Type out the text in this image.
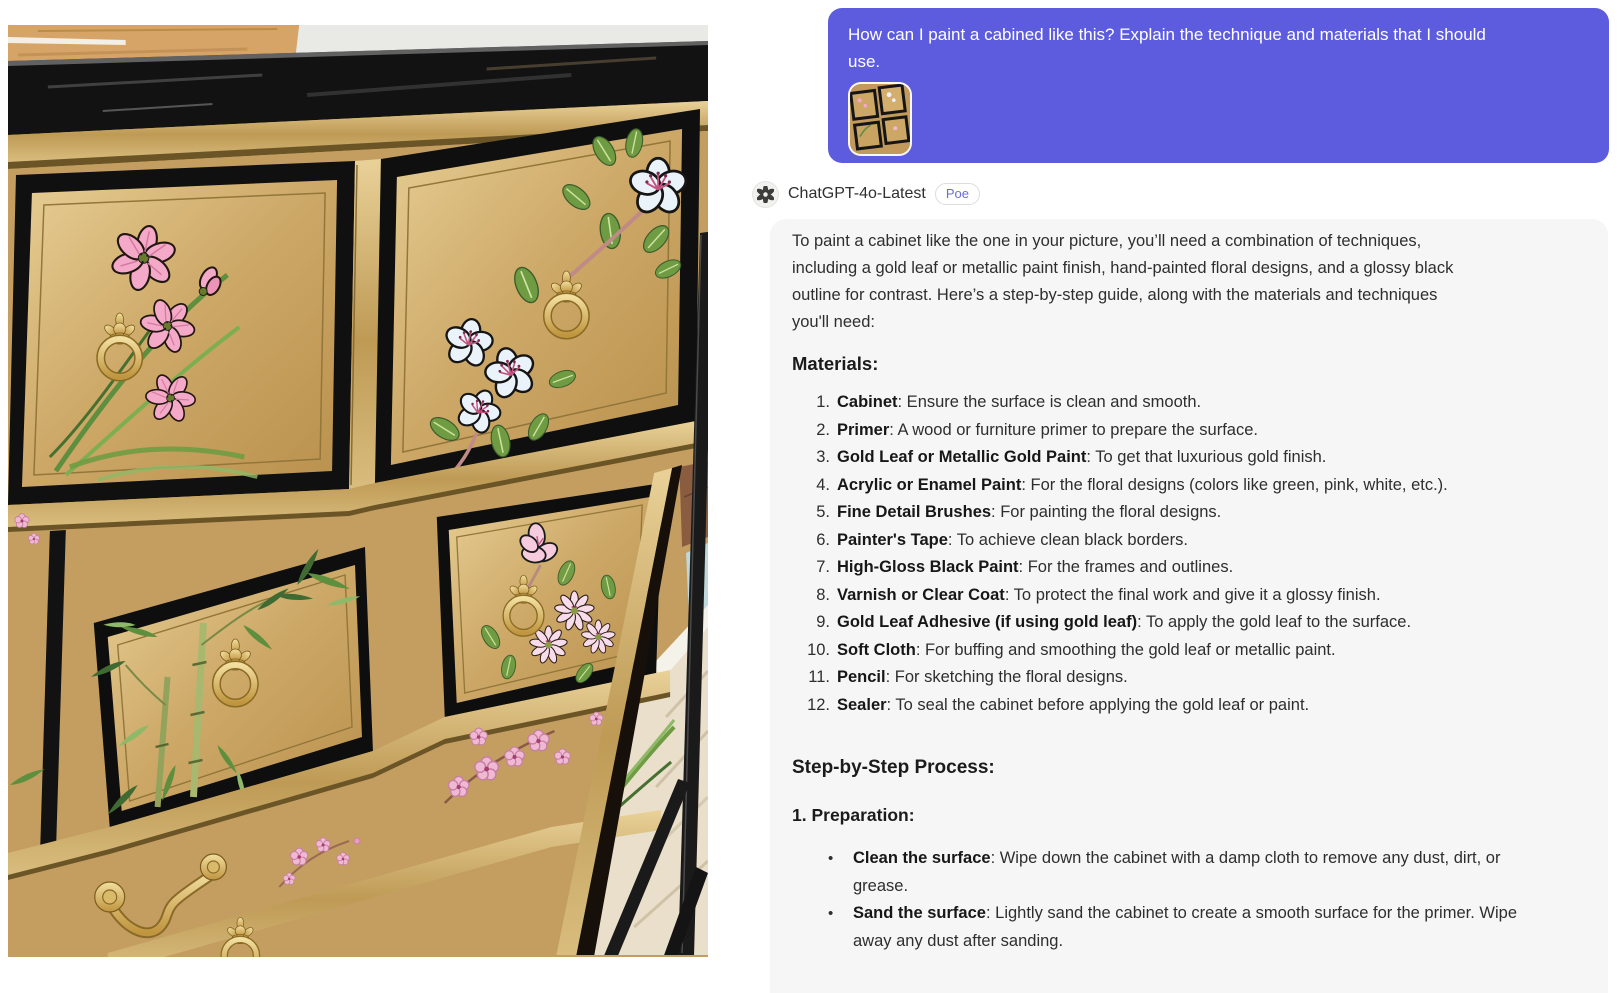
How can I paint a cabined like this? Explain the technique and materials that I should
use.
ChatGPT-4o-Latest	Poe
To paint a cabinet like the one in your picture, you’ll need a combination of techniques,
including a gold leaf or metallic paint finish, hand-painted floral designs, and a glossy black
outline for contrast. Here’s a step-by-step guide, along with the materials and techniques
you'll need:
Materials:
1. Cabinet: Ensure the surface is clean and smooth.
2. Primer: A wood or furniture primer to prepare the surface.
3. Gold Leaf or Metallic Gold Paint: To get that luxurious gold finish.
4. Acrylic or Enamel Paint: For the floral designs (colors like green, pink, white, etc.).
5. Fine Detail Brushes: For painting the floral designs.
6. Painter's Tape: To achieve clean black borders.
7. High-Gloss Black Paint: For the frames and outlines.
8. Varnish or Clear Coat: To protect the final work and give it a glossy finish.
9. Gold Leaf Adhesive (if using gold leaf): To apply the gold leaf to the surface.
10. Soft Cloth: For buffing and smoothing the gold leaf or metallic paint.
11. Pencil: For sketching the floral designs.
12. Sealer: To seal the cabinet before applying the gold leaf or paint.
Step-by-Step Process:
1. Preparation:
•	Clean the surface: Wipe down the cabinet with a damp cloth to remove any dust, dirt, or grease.
•	Sand the surface: Lightly sand the cabinet to create a smooth surface for the primer. Wipe away any dust after sanding.
